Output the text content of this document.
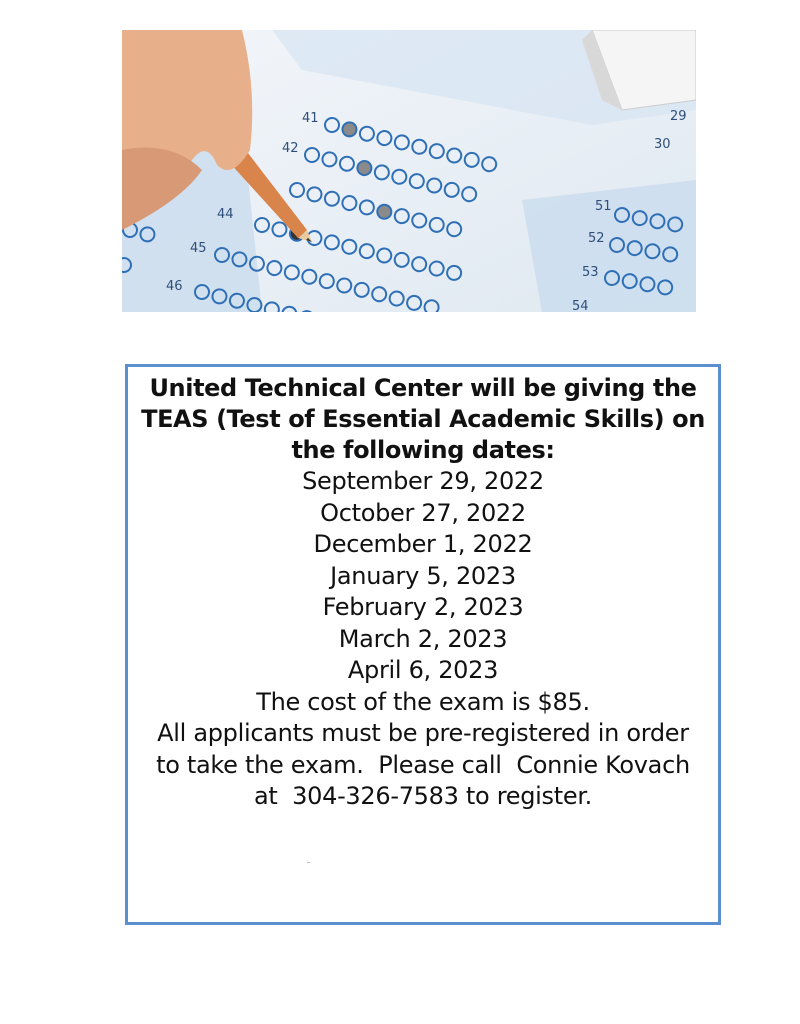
41
42
44
45
46
51
52
53
54
29
30
United Technical Center will be giving the
TEAS (Test of Essential Academic Skills) on
the following dates:
September 29, 2022
October 27, 2022
December 1, 2022
January 5, 2023
February 2, 2023
March 2, 2023
April 6, 2023

The cost of the exam is $85.

All applicants must be pre-registered in order

to take the exam.  Please call  Connie Kovach

at  304-326-7583 to register.
